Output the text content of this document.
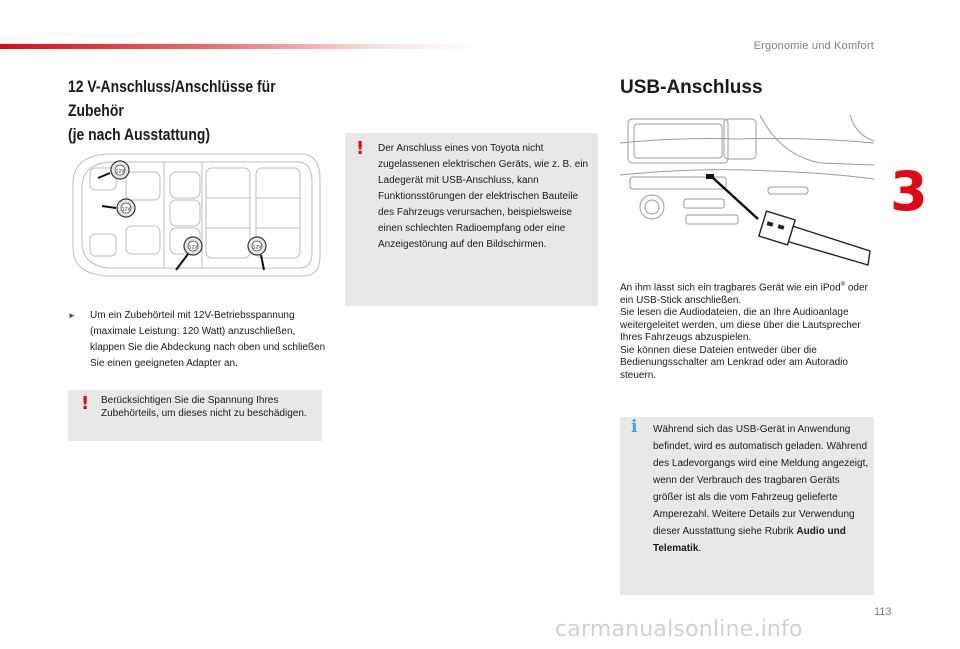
Ergonomie und Komfort
3
12 V-Anschluss/Anschlüsse für Zubehör
(je nach Ausstattung)
12V
12V
12V	12V
► Um ein Zubehörteil mit 12V-Betriebsspannung (maximale Leistung: 120 Watt) anzuschließen, klappen Sie die Abdeckung nach oben und schließen Sie einen geeigneten Adapter an.
! Berücksichtigen Sie die Spannung Ihres Zubehörteils, um dieses nicht zu beschädigen.
! Der Anschluss eines von Toyota nicht zugelassenen elektrischen Geräts, wie z. B. ein Ladegerät mit USB-Anschluss, kann Funktionsstörungen der elektrischen Bauteile des Fahrzeugs verursachen, beispielsweise einen schlechten Radioempfang oder eine Anzeigestörung auf den Bildschirmen.
USB-Anschluss

An ihm lässt sich ein tragbares Gerät wie ein iPod® oder ein USB-Stick anschließen.

Sie lesen die Audiodateien, die an Ihre Audioanlage weitergeleitet werden, um diese über die Lautsprecher Ihres Fahrzeugs abzuspielen.

Sie können diese Dateien entweder über die Bedienungsschalter am Lenkrad oder am Autoradio steuern.

i Während sich das USB-Gerät in Anwendung befindet, wird es automatisch geladen. Während des Ladevorgangs wird eine Meldung angezeigt, wenn der Verbrauch des tragbaren Geräts größer ist als die vom Fahrzeug gelieferte Amperezahl. Weitere Details zur Verwendung dieser Ausstattung siehe Rubrik Audio und Telematik.
113
carmanualsonline.info
